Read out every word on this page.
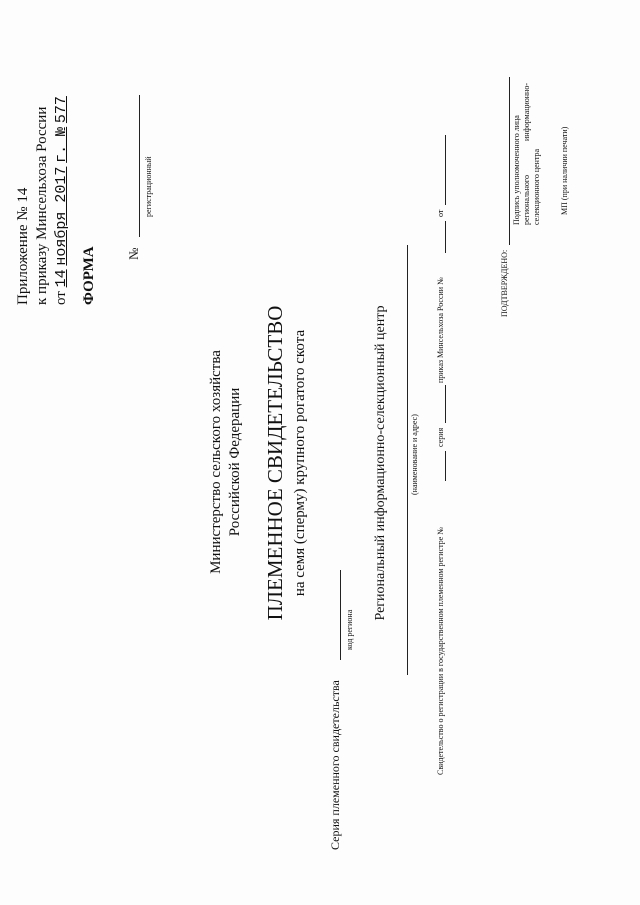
Приложение № 14 к приказу Минсельхоза России от 14 ноября 2017 г. № 577
ФОРМА №
регистрационный
Министерство сельского хозяйства Российской Федерации ПЛЕМЕННОЕ СВИДЕТЕЛЬСТВО на семя (сперму) крупного рогатого скота
Серия племенного свидетельства
код региона
Региональный информационно-селекционный центр	(наименование и адрес)
Свидетельство о регистрации в государственном племенном регистре №
серия
приказ Минсельхоза России №
от
ПОДТВЕРЖДЕНО:
Подпись уполномоченного лица регионального  информационно-
селекционного центра МП (при наличии печати)
